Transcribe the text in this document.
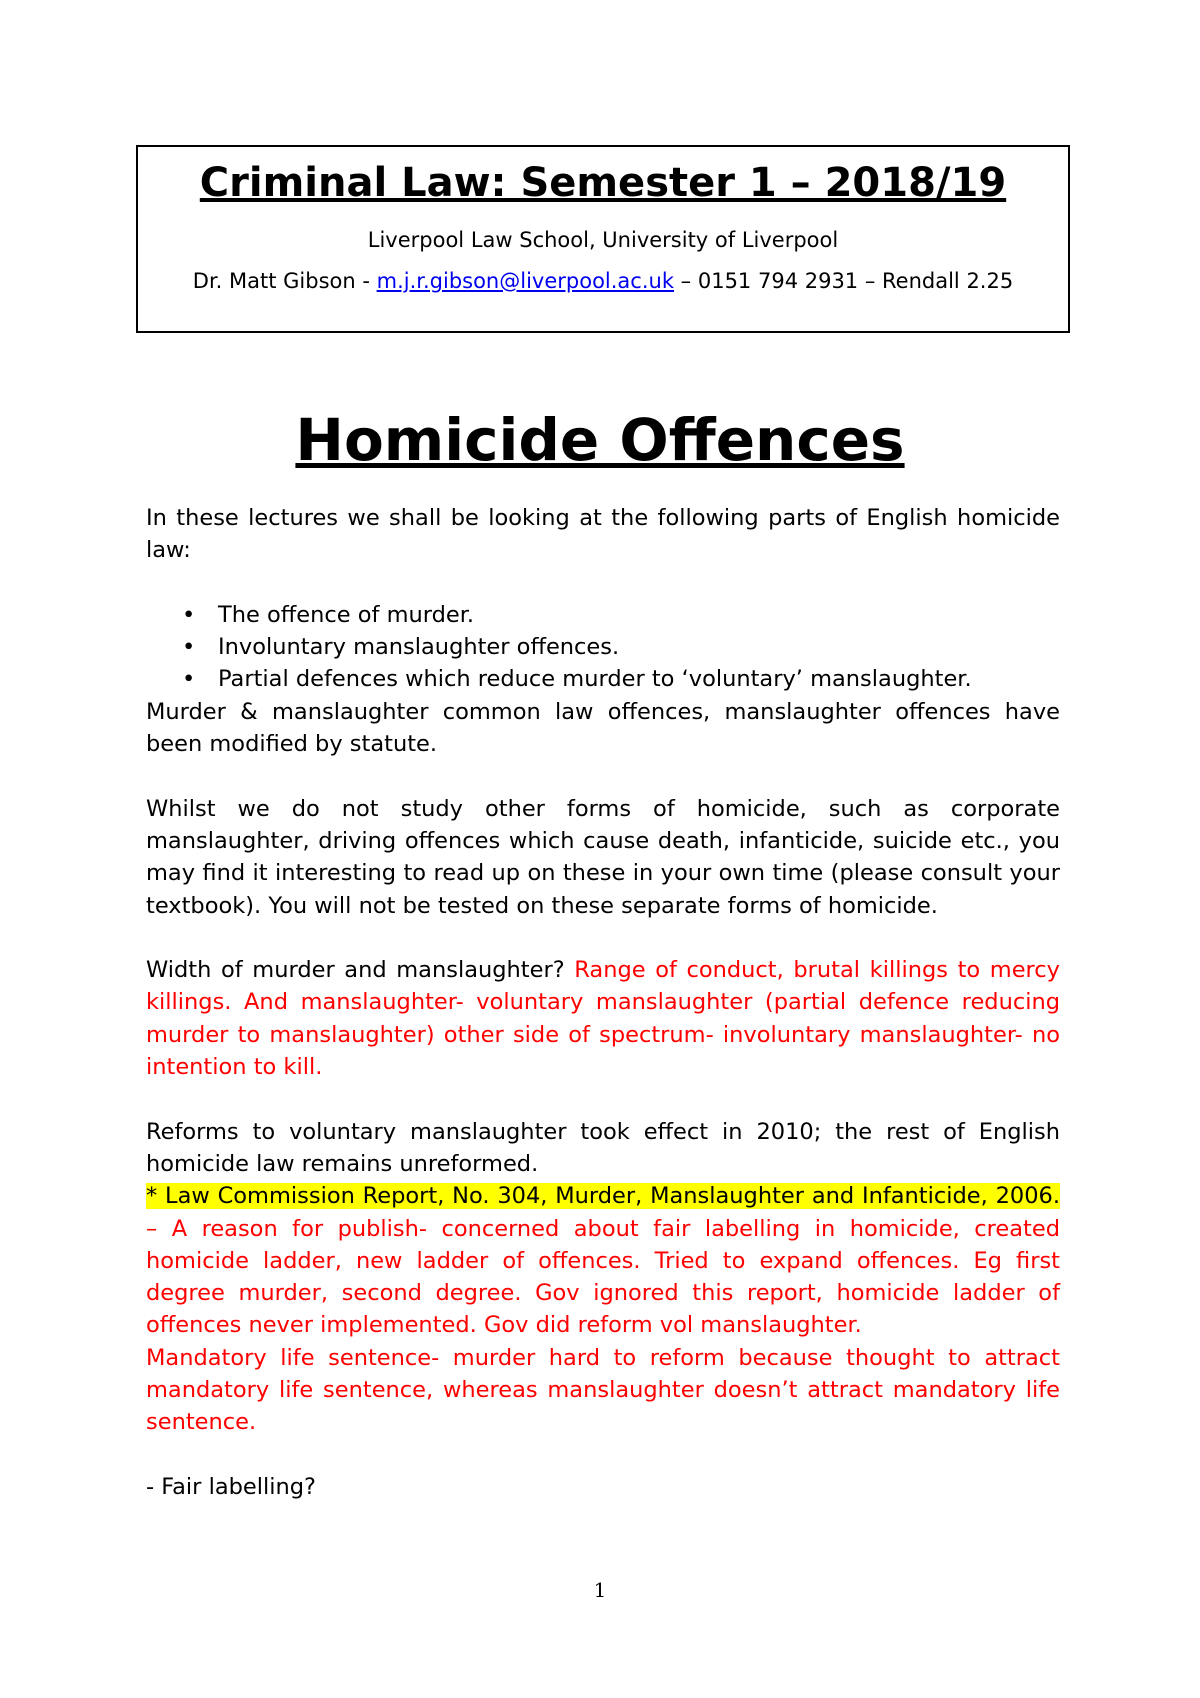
Criminal Law: Semester 1 – 2018/19
Liverpool Law School, University of Liverpool
Dr. Matt Gibson - m.j.r.gibson@liverpool.ac.uk – 0151 794 2931 – Rendall 2.25
Homicide Offences

In these lectures we shall be looking at the following parts of English homicide law:

• The offence of murder.
• Involuntary manslaughter offences.
• Partial defences which reduce murder to ‘voluntary’ manslaughter.

Murder & manslaughter common law offences, manslaughter offences have been modified by statute.

Whilst we do not study other forms of homicide, such as corporate manslaughter, driving offences which cause death, infanticide, suicide etc., you may find it interesting to read up on these in your own time (please consult your textbook). You will not be tested on these separate forms of homicide.

Width of murder and manslaughter? Range of conduct, brutal killings to mercy killings. And manslaughter- voluntary manslaughter (partial defence reducing murder to manslaughter) other side of spectrum- involuntary manslaughter- no intention to kill.

Reforms to voluntary manslaughter took effect in 2010; the rest of English homicide law remains unreformed.

* Law Commission Report, No. 304, Murder, Manslaughter and Infanticide, 2006. – A reason for publish- concerned about fair labelling in homicide, created homicide ladder, new ladder of offences. Tried to expand offences. Eg first degree murder, second degree. Gov ignored this report, homicide ladder of offences never implemented. Gov did reform vol manslaughter.

Mandatory life sentence- murder hard to reform because thought to attract mandatory life sentence, whereas manslaughter doesn’t attract mandatory life sentence.

- Fair labelling?

1
